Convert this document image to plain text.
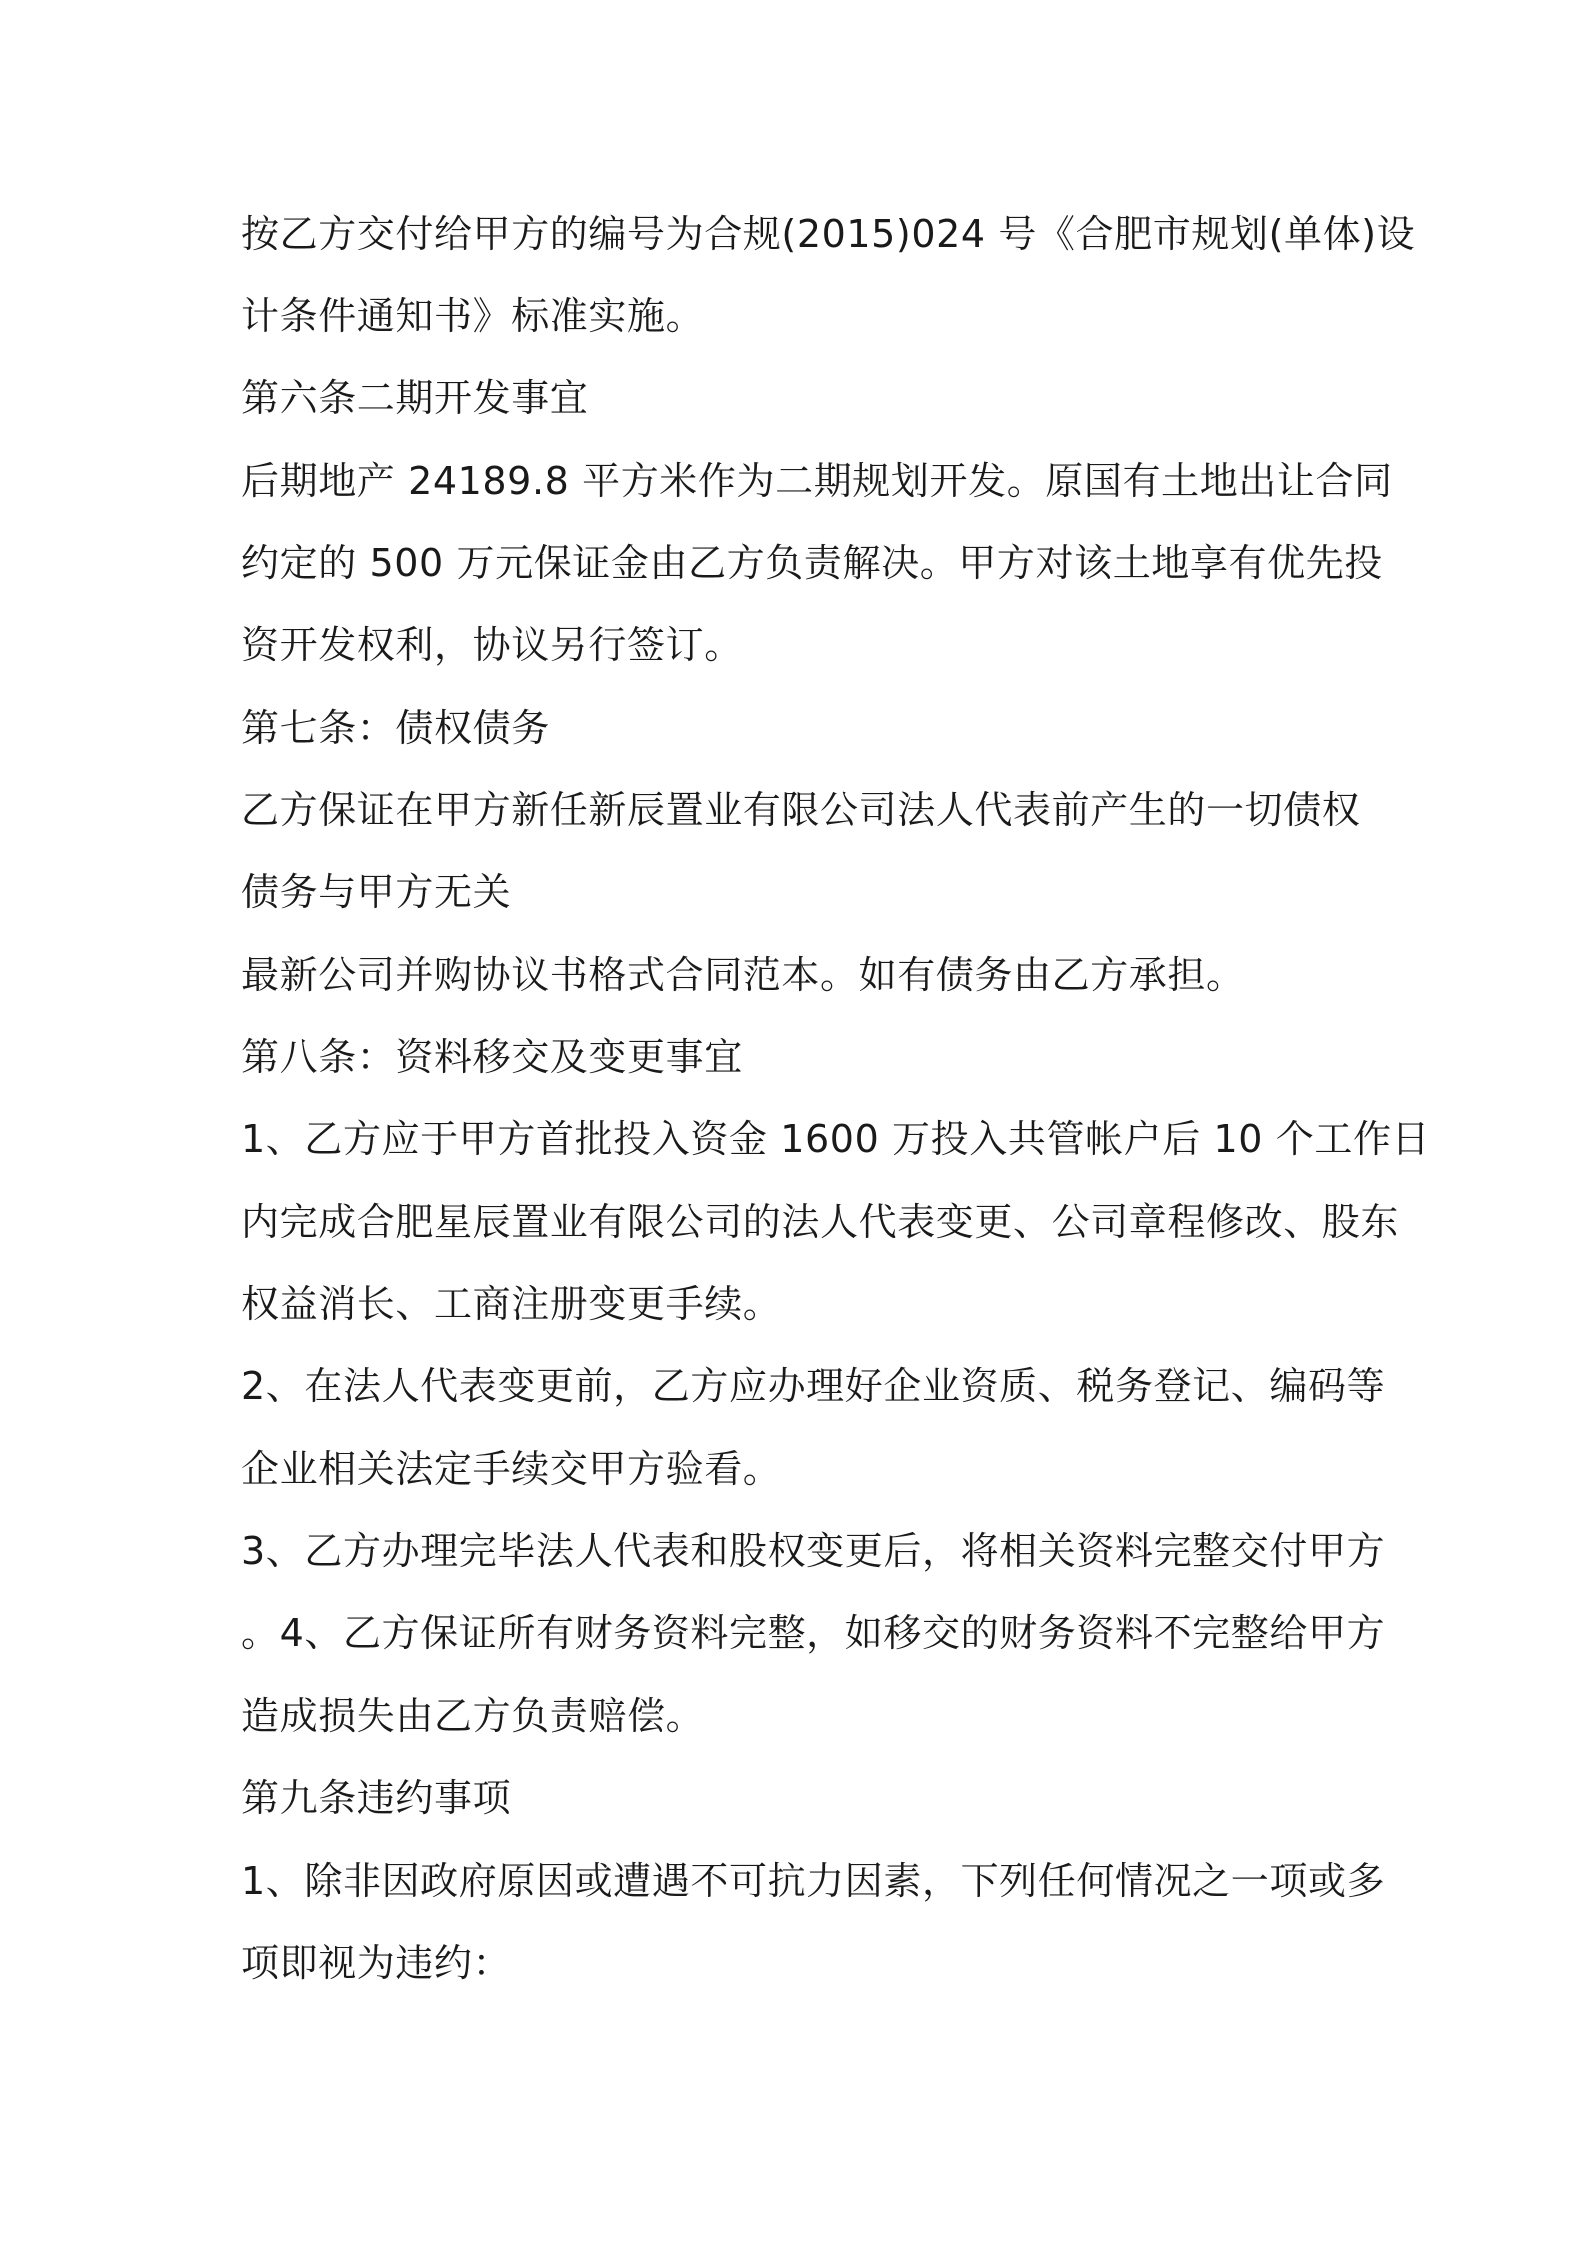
按乙方交付给甲方的编号为合规(2015)024 号《合肥市规划(单体)设
计条件通知书》标准实施。
第六条二期开发事宜
后期地产 24189.8 平方米作为二期规划开发。原国有土地出让合同
约定的 500 万元保证金由乙方负责解决。甲方对该土地享有优先投
资开发权利，协议另行签订。
第七条：债权债务
乙方保证在甲方新任新辰置业有限公司法人代表前产生的一切债权
债务与甲方无关
最新公司并购协议书格式合同范本。如有债务由乙方承担。
第八条：资料移交及变更事宜
1、乙方应于甲方首批投入资金 1600 万投入共管帐户后 10 个工作日
内完成合肥星辰置业有限公司的法人代表变更、公司章程修改、股东
权益消长、工商注册变更手续。
2、在法人代表变更前，乙方应办理好企业资质、税务登记、编码等
企业相关法定手续交甲方验看。
3、乙方办理完毕法人代表和股权变更后，将相关资料完整交付甲方
。4、乙方保证所有财务资料完整，如移交的财务资料不完整给甲方
造成损失由乙方负责赔偿。
第九条违约事项
1、除非因政府原因或遭遇不可抗力因素，下列任何情况之一项或多
项即视为违约：
